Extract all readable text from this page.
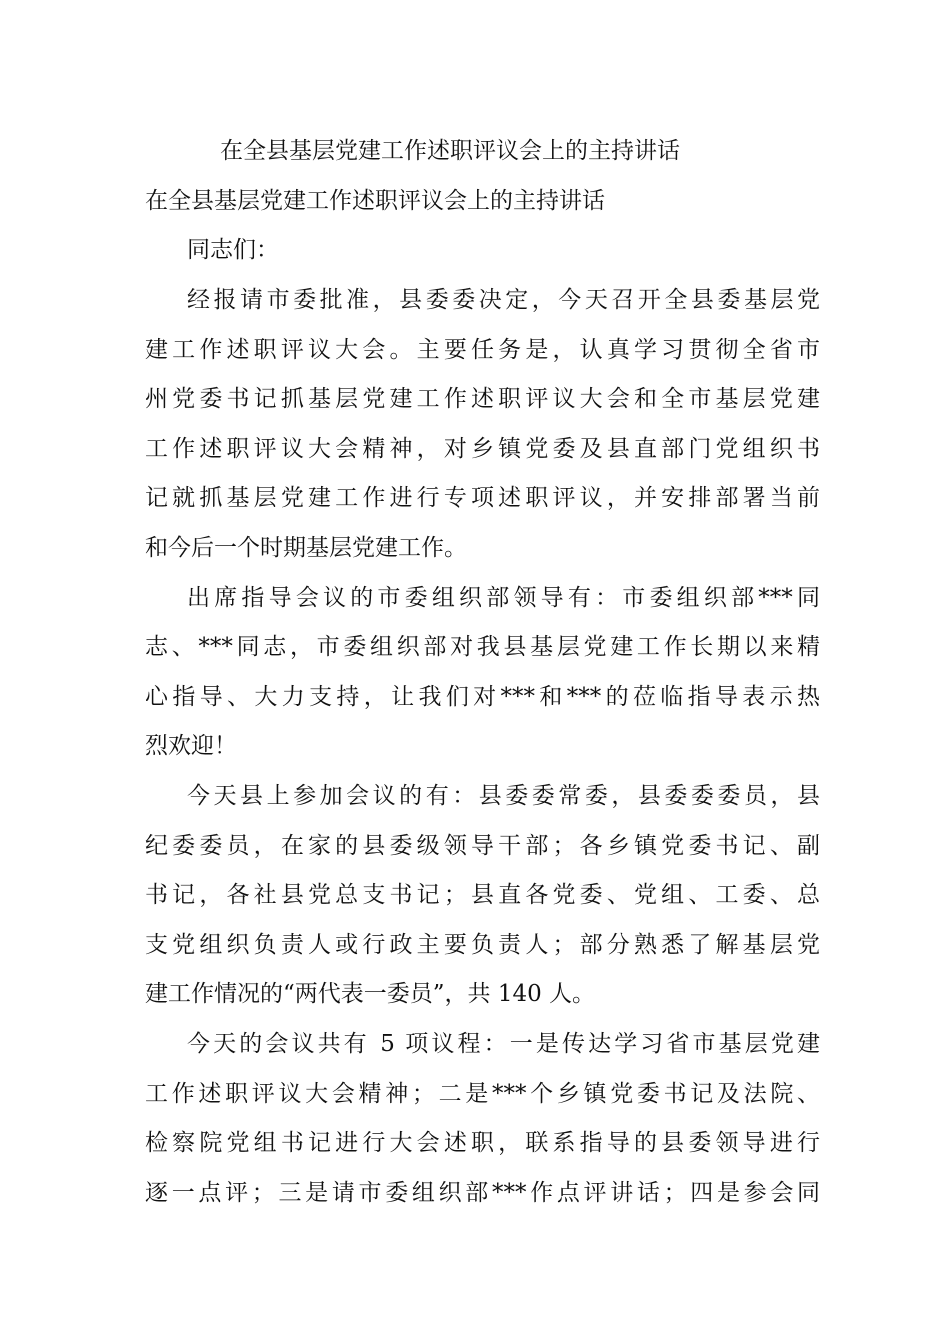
在全县基层党建工作述职评议会上的主持讲话

在全县基层党建工作述职评议会上的主持讲话

同志们：

经报请市委批准，县委委决定，今天召开全县委基层党
建工作述职评议大会。主要任务是，认真学习贯彻全省市
州党委书记抓基层党建工作述职评议大会和全市基层党建
工作述职评议大会精神，对乡镇党委及县直部门党组织书
记就抓基层党建工作进行专项述职评议，并安排部署当前
和今后一个时期基层党建工作。

出席指导会议的市委组织部领导有：市委组织部***同
志、***同志，市委组织部对我县基层党建工作长期以来精
心指导、大力支持，让我们对***和***的莅临指导表示热
烈欢迎！

今天县上参加会议的有：县委委常委，县委委委员，县
纪委委员，在家的县委级领导干部；各乡镇党委书记、副
书记，各社县党总支书记；县直各党委、党组、工委、总
支党组织负责人或行政主要负责人；部分熟悉了解基层党
建工作情况的“两代表一委员”，共 140 人。

今天的会议共有 5 项议程：一是传达学习省市基层党建
工作述职评议大会精神；二是***个乡镇党委书记及法院、
检察院党组书记进行大会述职，联系指导的县委领导进行
逐一点评；三是请市委组织部***作点评讲话；四是参会同
